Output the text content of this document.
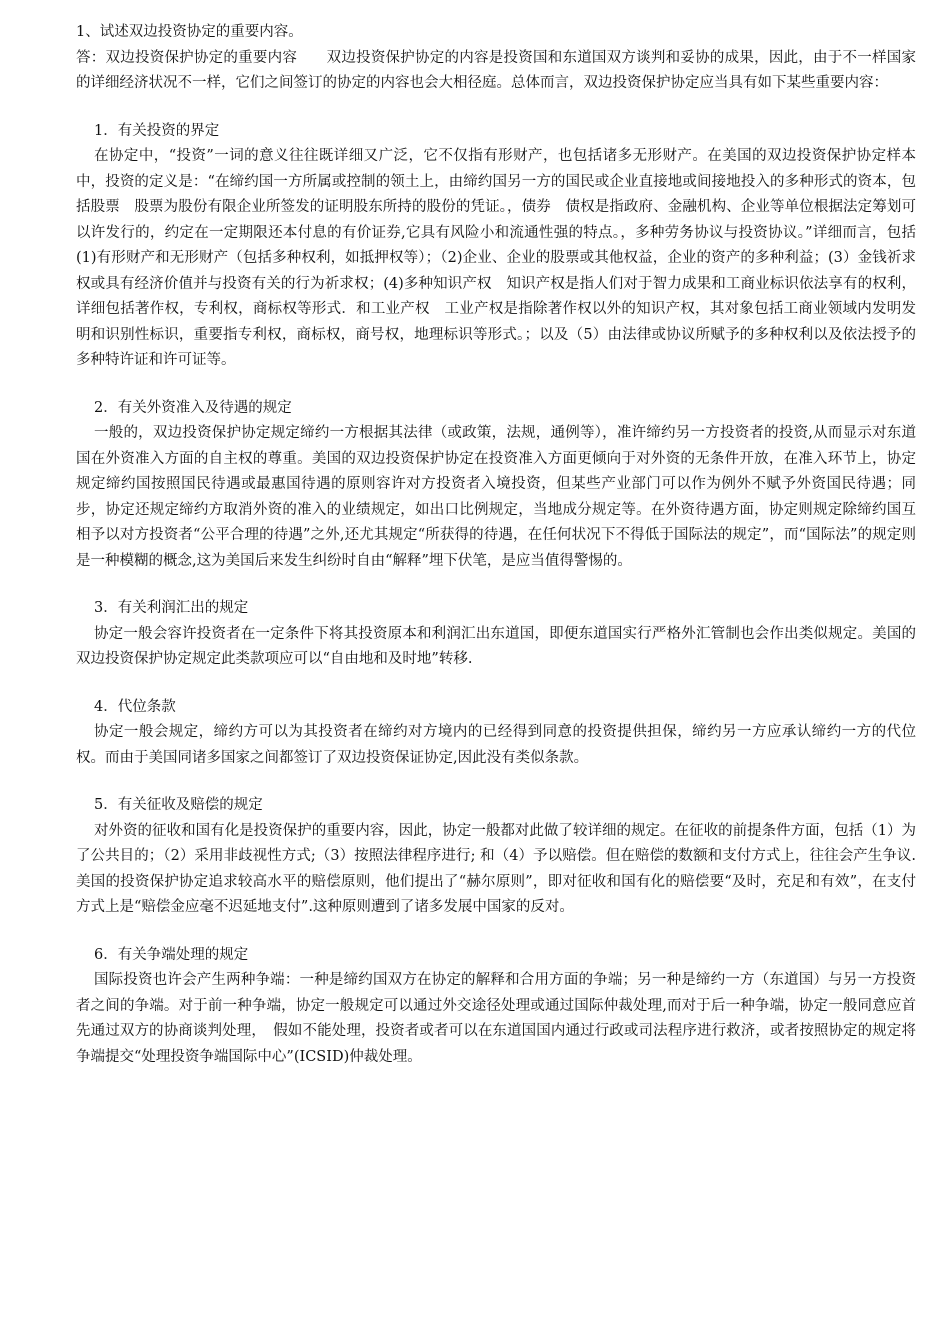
1、试述双边投资协定的重要内容。

答：双边投资保护协定的重要内容　　双边投资保护协定的内容是投资国和东道国双方谈判和妥协的成果，因此，由于不一样国家的详细经济状况不一样，它们之间签订的协定的内容也会大相径庭。总体而言，双边投资保护协定应当具有如下某些重要内容：

1．有关投资的界定

在协定中，“投资”一词的意义往往既详细又广泛，它不仅指有形财产，也包括诸多无形财产。在美国的双边投资保护协定样本中，投资的定义是：“在缔约国一方所属或控制的领土上，由缔约国另一方的国民或企业直接地或间接地投入的多种形式的资本，包括股票　股票为股份有限企业所签发的证明股东所持的股份的凭证。，债券　债权是指政府、金融机构、企业等单位根据法定筹划可以许发行的，约定在一定期限还本付息的有价证券,它具有风险小和流通性强的特点。，多种劳务协议与投资协议。”详细而言，包括(1)有形财产和无形财产（包括多种权利，如抵押权等）；（2)企业、企业的股票或其他权益，企业的资产的多种利益；(3）金钱祈求权或具有经济价值并与投资有关的行为祈求权；(4)多种知识产权　知识产权是指人们对于智力成果和工商业标识依法享有的权利，详细包括著作权，专利权，商标权等形式．和工业产权　工业产权是指除著作权以外的知识产权，其对象包括工商业领域内发明发明和识别性标识，重要指专利权，商标权，商号权，地理标识等形式。；以及（5）由法律或协议所赋予的多种权利以及依法授予的多种特许证和许可证等。

2．有关外资准入及待遇的规定

一般的，双边投资保护协定规定缔约一方根据其法律（或政策，法规，通例等），准许缔约另一方投资者的投资,从而显示对东道国在外资准入方面的自主权的尊重。美国的双边投资保护协定在投资准入方面更倾向于对外资的无条件开放，在准入环节上，协定规定缔约国按照国民待遇或最惠国待遇的原则容许对方投资者入境投资，但某些产业部门可以作为例外不赋予外资国民待遇；同步，协定还规定缔约方取消外资的准入的业绩规定，如出口比例规定，当地成分规定等。在外资待遇方面，协定则规定除缔约国互相予以对方投资者“公平合理的待遇”之外,还尤其规定“所获得的待遇，在任何状况下不得低于国际法的规定”，而“国际法”的规定则是一种模糊的概念,这为美国后来发生纠纷时自由“解释”埋下伏笔，是应当值得警惕的。

3．有关利润汇出的规定

协定一般会容许投资者在一定条件下将其投资原本和利润汇出东道国，即便东道国实行严格外汇管制也会作出类似规定。美国的双边投资保护协定规定此类款项应可以“自由地和及时地”转移.

4．代位条款

协定一般会规定，缔约方可以为其投资者在缔约对方境内的已经得到同意的投资提供担保，缔约另一方应承认缔约一方的代位权。而由于美国同诸多国家之间都签订了双边投资保证协定,因此没有类似条款。

5．有关征收及赔偿的规定

对外资的征收和国有化是投资保护的重要内容，因此，协定一般都对此做了较详细的规定。在征收的前提条件方面，包括（1）为了公共目的；（2）采用非歧视性方式;（3）按照法律程序进行; 和（4）予以赔偿。但在赔偿的数额和支付方式上，往往会产生争议.美国的投资保护协定追求较高水平的赔偿原则，他们提出了“赫尔原则”，即对征收和国有化的赔偿要“及时，充足和有效”，在支付方式上是“赔偿金应毫不迟延地支付”.这种原则遭到了诸多发展中国家的反对。

6．有关争端处理的规定

国际投资也许会产生两种争端：一种是缔约国双方在协定的解释和合用方面的争端；另一种是缔约一方（东道国）与另一方投资者之间的争端。对于前一种争端，协定一般规定可以通过外交途径处理或通过国际仲裁处理,而对于后一种争端，协定一般同意应首先通过双方的协商谈判处理，　假如不能处理，投资者或者可以在东道国国内通过行政或司法程序进行救济，或者按照协定的规定将争端提交“处理投资争端国际中心”(ICSID)仲裁处理。
